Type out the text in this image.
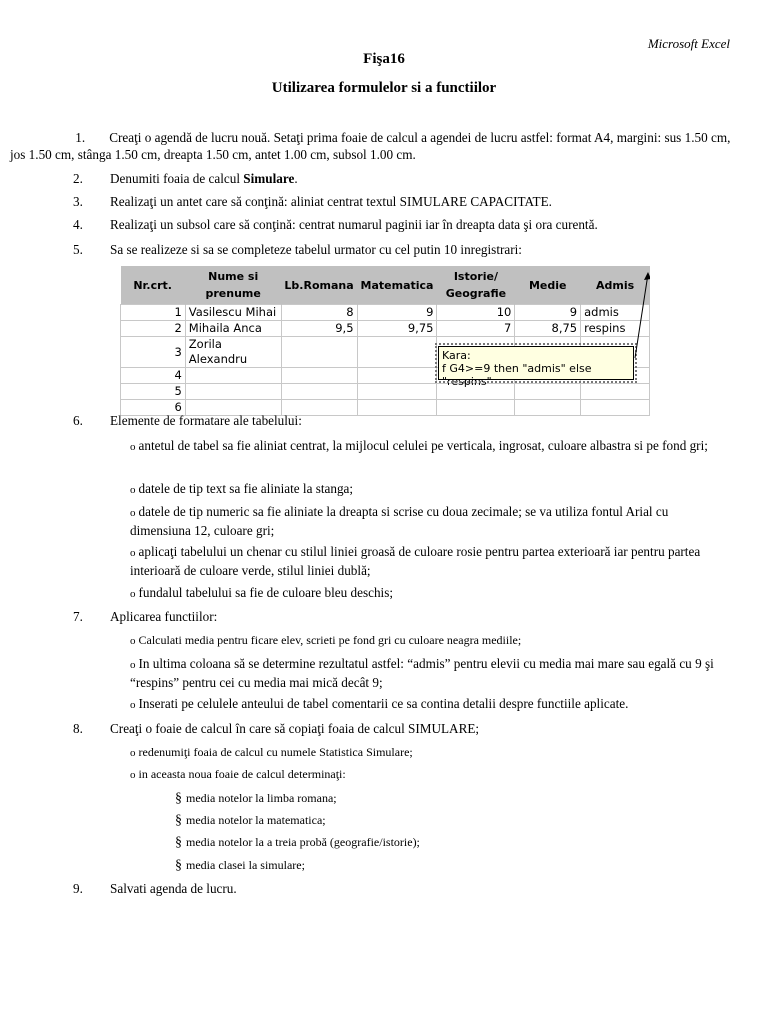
Microsoft Excel
Fişa16
Utilizarea formulelor si a functiilor
1. Creaţi o agendă de lucru nouă. Setaţi prima foaie de calcul a agendei de lucru astfel: format A4, margini: sus 1.50 cm, jos 1.50 cm, stânga 1.50 cm, dreapta 1.50 cm, antet 1.00 cm, subsol 1.00 cm.
2. Denumiti foaia de calcul Simulare.
3. Realizaţi un antet care să conţină: aliniat centrat textul SIMULARE CAPACITATE.
4. Realizaţi un subsol care să conţină: centrat numarul paginii iar în dreapta data şi ora curentă.
5. Sa se realizeze si sa se completeze tabelul urmator cu cel putin 10 inregistrari:
Nr.crt.	Nume si prenume	Lb.Romana	Matematica	Istorie/ Geografie	Medie	Admis
1	Vasilescu Mihai	8	9	10	9	admis
2	Mihaila Anca	9,5	9,75	7	8,75	respins
3	Zorila Alexandru					
4						
5						
6						
Kara:
f G4>=9 then "admis" else "respins"
6. Elemente de formatare ale tabelului:
o antetul de tabel sa fie aliniat centrat, la mijlocul celulei pe verticala, ingrosat, culoare albastra si pe fond gri;
o datele de tip text sa fie aliniate la stanga;
o datele de tip numeric sa fie aliniate la dreapta si scrise cu doua zecimale; se va utiliza fontul Arial cu dimensiuna 12, culoare gri;
o aplicaţi tabelului un chenar cu stilul liniei groasă de culoare rosie pentru partea exterioară iar pentru partea interioară de culoare verde, stilul liniei dublă;
o fundalul tabelului sa fie de culoare bleu deschis;
7. Aplicarea functiilor:
o Calculati media pentru ficare elev, scrieti pe fond gri cu culoare neagra mediile;
o In ultima coloana să se determine rezultatul astfel: “admis” pentru elevii cu media mai mare sau egală cu 9 şi “respins” pentru cei cu media mai mică decât 9;
o Inserati pe celulele anteului de tabel comentarii ce sa contina detalii despre functiile aplicate.
8. Creaţi o foaie de calcul în care să copiaţi foaia de calcul SIMULARE;
o redenumiţi foaia de calcul cu numele Statistica Simulare;
o in aceasta noua foaie de calcul determinaţi:
§ media notelor la limba romana;
§ media notelor la matematica;
§ media notelor la a treia probă (geografie/istorie);
§ media clasei la simulare;
9. Salvati agenda de lucru.
